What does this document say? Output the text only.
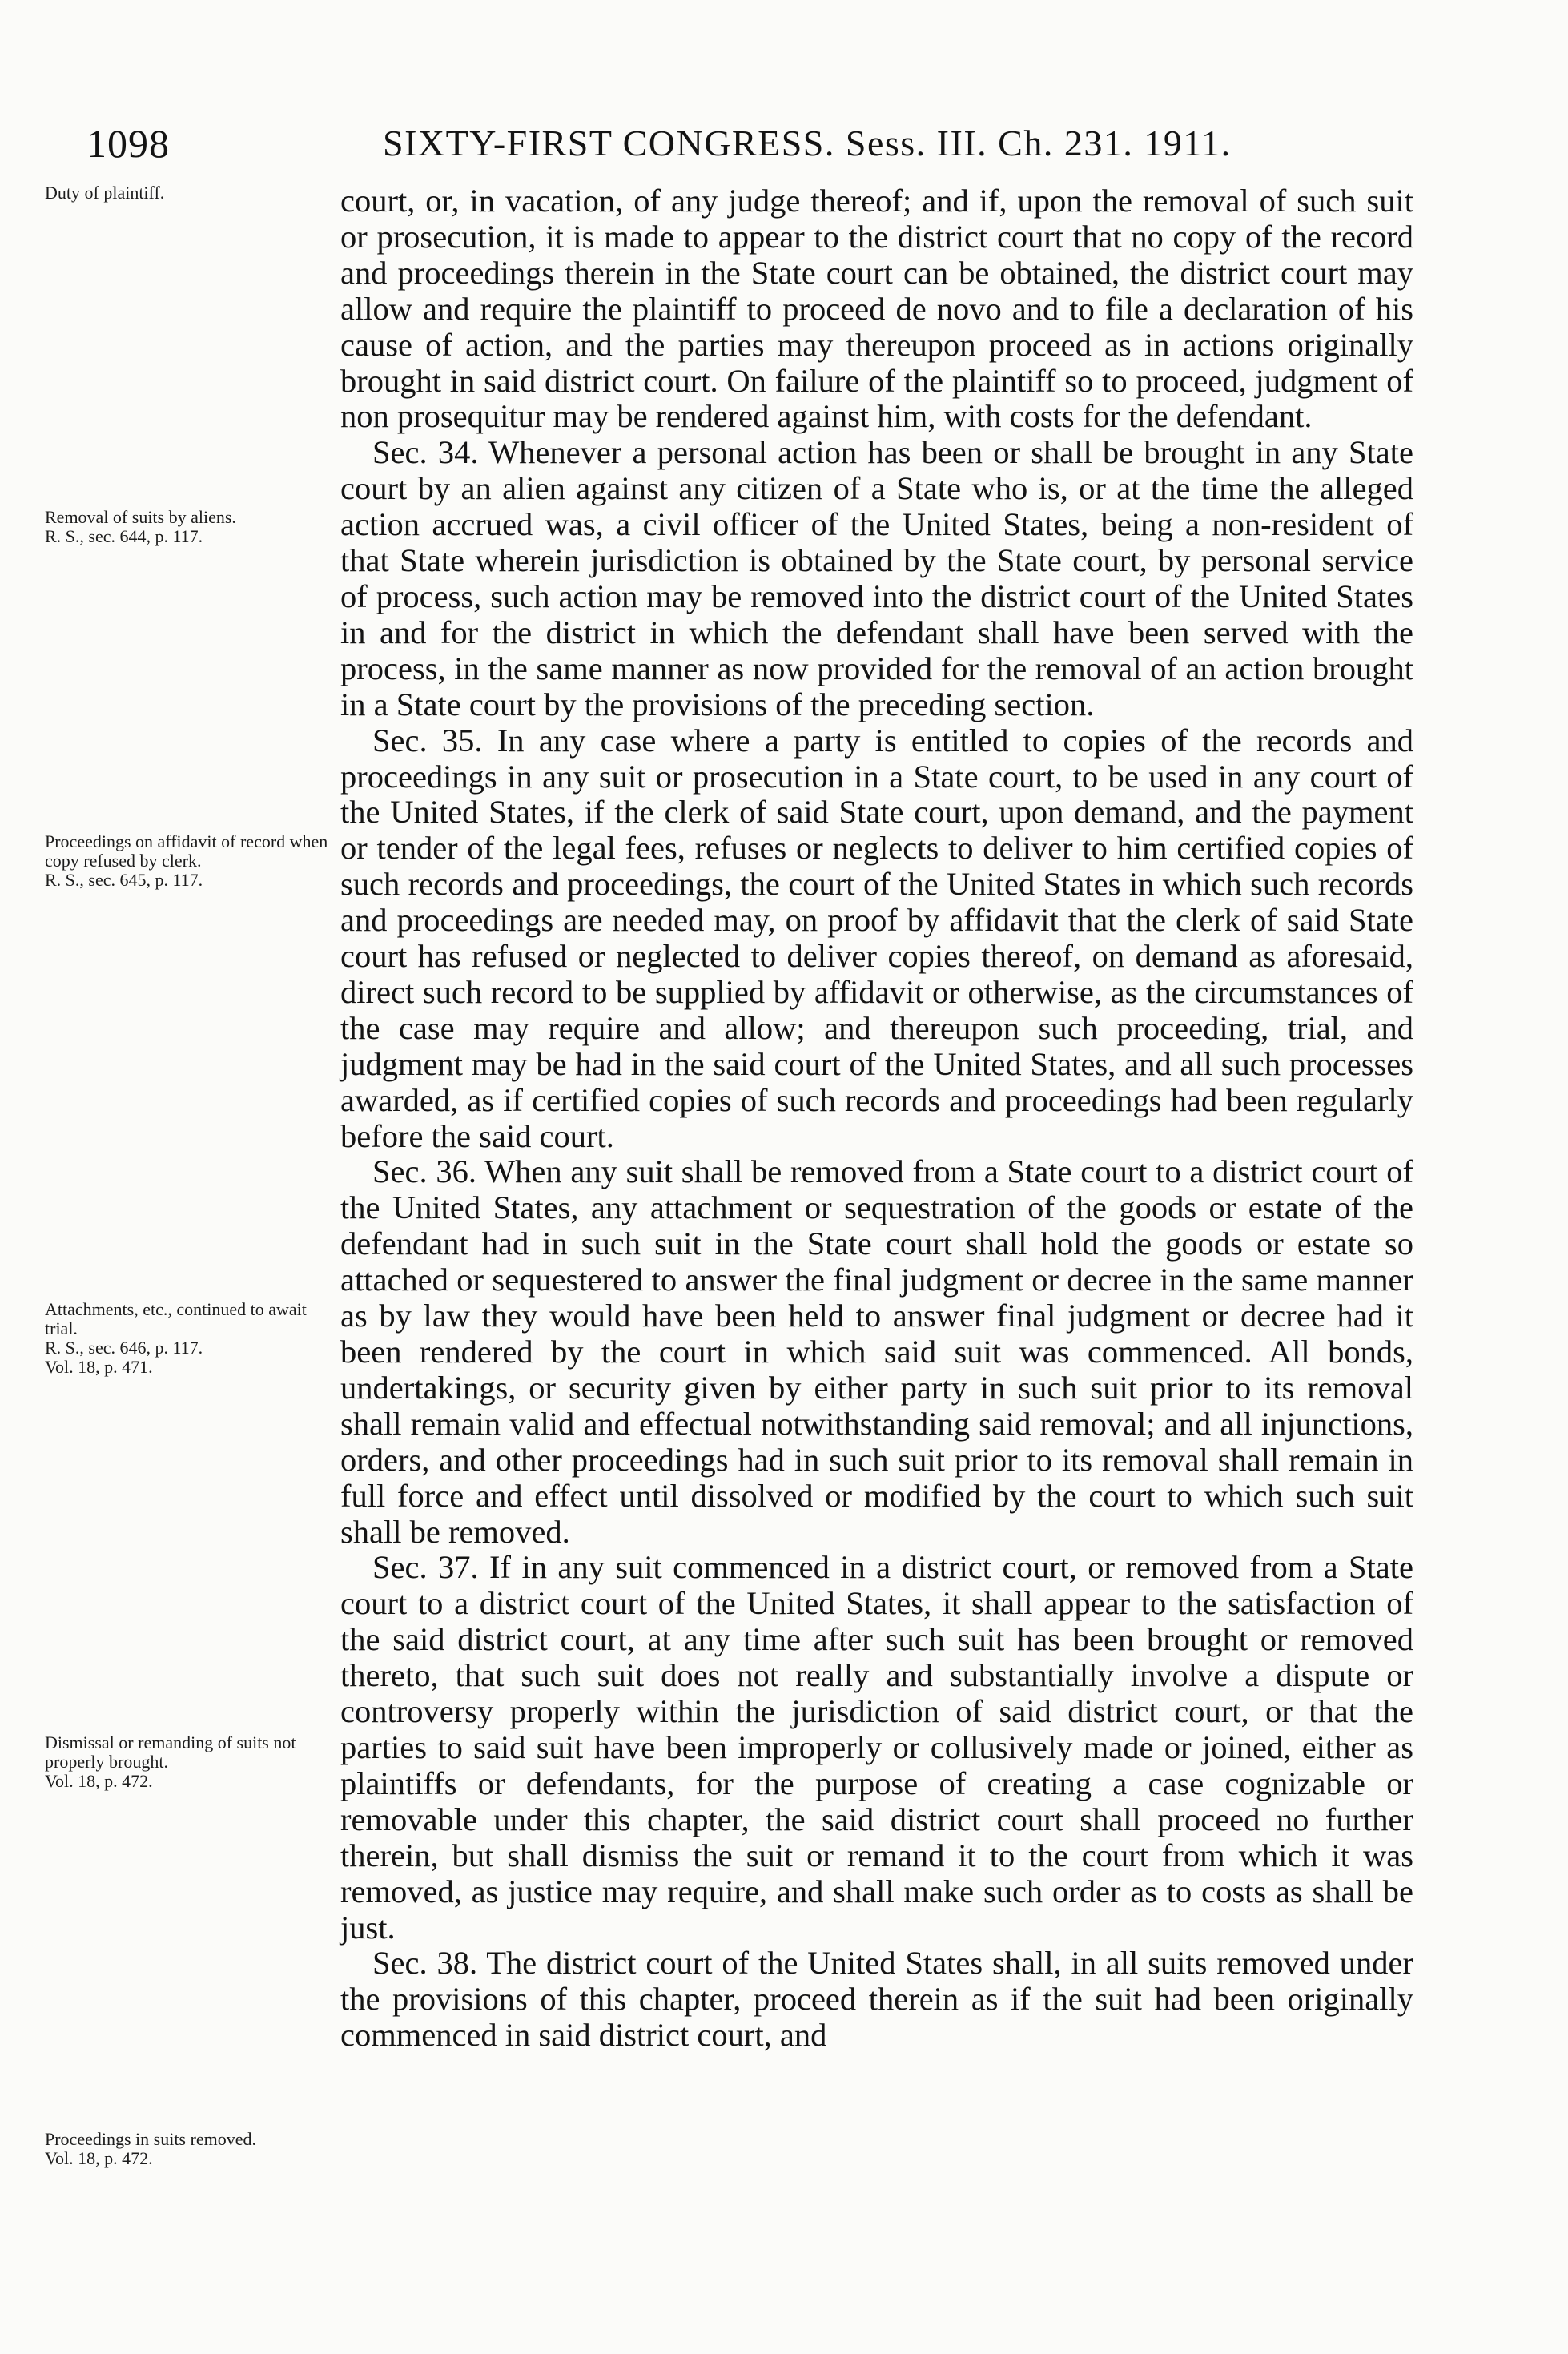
1098	SIXTY-FIRST CONGRESS. Sess. III. Ch. 231. 1911.
Duty of plaintiff.
Removal of suits by aliens.
R. S., sec. 644, p. 117.
Proceedings on affidavit of record when copy refused by clerk.
R. S., sec. 645, p. 117.
Attachments, etc., continued to await trial.
R. S., sec. 646, p. 117.
Vol. 18, p. 471.
Dismissal or remanding of suits not properly brought.
Vol. 18, p. 472.
Proceedings in suits removed.
Vol. 18, p. 472.

court, or, in vacation, of any judge thereof; and if, upon the removal of such suit or prosecution, it is made to appear to the district court that no copy of the record and proceedings therein in the State court can be obtained, the district court may allow and require the plaintiff to proceed de novo and to file a declaration of his cause of action, and the parties may thereupon proceed as in actions originally brought in said district court. On failure of the plaintiff so to proceed, judgment of non prosequitur may be rendered against him, with costs for the defendant.

Sec. 34. Whenever a personal action has been or shall be brought in any State court by an alien against any citizen of a State who is, or at the time the alleged action accrued was, a civil officer of the United States, being a non-resident of that State wherein jurisdiction is obtained by the State court, by personal service of process, such action may be removed into the district court of the United States in and for the district in which the defendant shall have been served with the process, in the same manner as now provided for the removal of an action brought in a State court by the provisions of the preceding section.

Sec. 35. In any case where a party is entitled to copies of the records and proceedings in any suit or prosecution in a State court, to be used in any court of the United States, if the clerk of said State court, upon demand, and the payment or tender of the legal fees, refuses or neglects to deliver to him certified copies of such records and proceedings, the court of the United States in which such records and proceedings are needed may, on proof by affidavit that the clerk of said State court has refused or neglected to deliver copies thereof, on demand as aforesaid, direct such record to be supplied by affidavit or otherwise, as the circumstances of the case may require and allow; and thereupon such proceeding, trial, and judgment may be had in the said court of the United States, and all such processes awarded, as if certified copies of such records and proceedings had been regularly before the said court.

Sec. 36. When any suit shall be removed from a State court to a district court of the United States, any attachment or sequestration of the goods or estate of the defendant had in such suit in the State court shall hold the goods or estate so attached or sequestered to answer the final judgment or decree in the same manner as by law they would have been held to answer final judgment or decree had it been rendered by the court in which said suit was commenced. All bonds, undertakings, or security given by either party in such suit prior to its removal shall remain valid and effectual notwithstanding said removal; and all injunctions, orders, and other proceedings had in such suit prior to its removal shall remain in full force and effect until dissolved or modified by the court to which such suit shall be removed.

Sec. 37. If in any suit commenced in a district court, or removed from a State court to a district court of the United States, it shall appear to the satisfaction of the said district court, at any time after such suit has been brought or removed thereto, that such suit does not really and substantially involve a dispute or controversy properly within the jurisdiction of said district court, or that the parties to said suit have been improperly or collusively made or joined, either as plaintiffs or defendants, for the purpose of creating a case cognizable or removable under this chapter, the said district court shall proceed no further therein, but shall dismiss the suit or remand it to the court from which it was removed, as justice may require, and shall make such order as to costs as shall be just.

Sec. 38. The district court of the United States shall, in all suits removed under the provisions of this chapter, proceed therein as if the suit had been originally commenced in said district court, and
